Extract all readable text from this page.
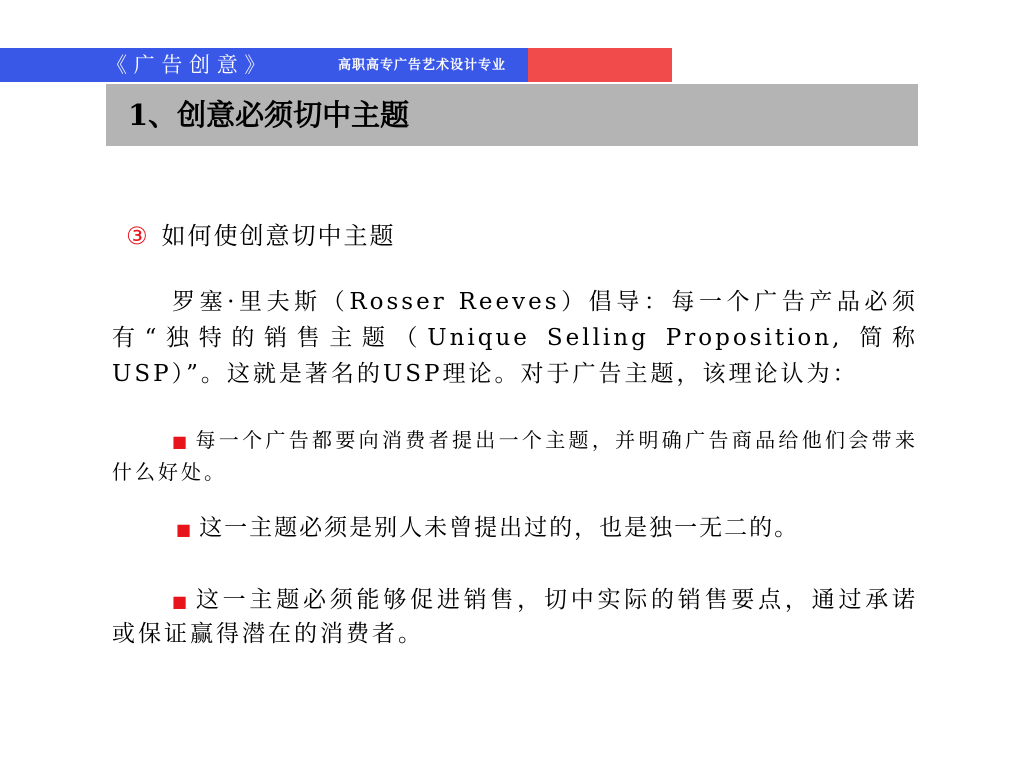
《 广 告 创 意 》	高职高专广告艺术设计专业
1、创意必须切中主题
③ 如何使创意切中主题
罗塞·里夫斯（Rosser Reeves）倡导：每一个广告产品必须有“独特的销售主题（Unique Selling Proposition, 简称USP）”。这就是著名的USP理论。对于广告主题，该理论认为：
■ 每一个广告都要向消费者提出一个主题，并明确广告商品给他们会带来什么好处。
■ 这一主题必须是别人未曾提出过的，也是独一无二的。
■ 这一主题必须能够促进销售，切中实际的销售要点，通过承诺或保证赢得潜在的消费者。
